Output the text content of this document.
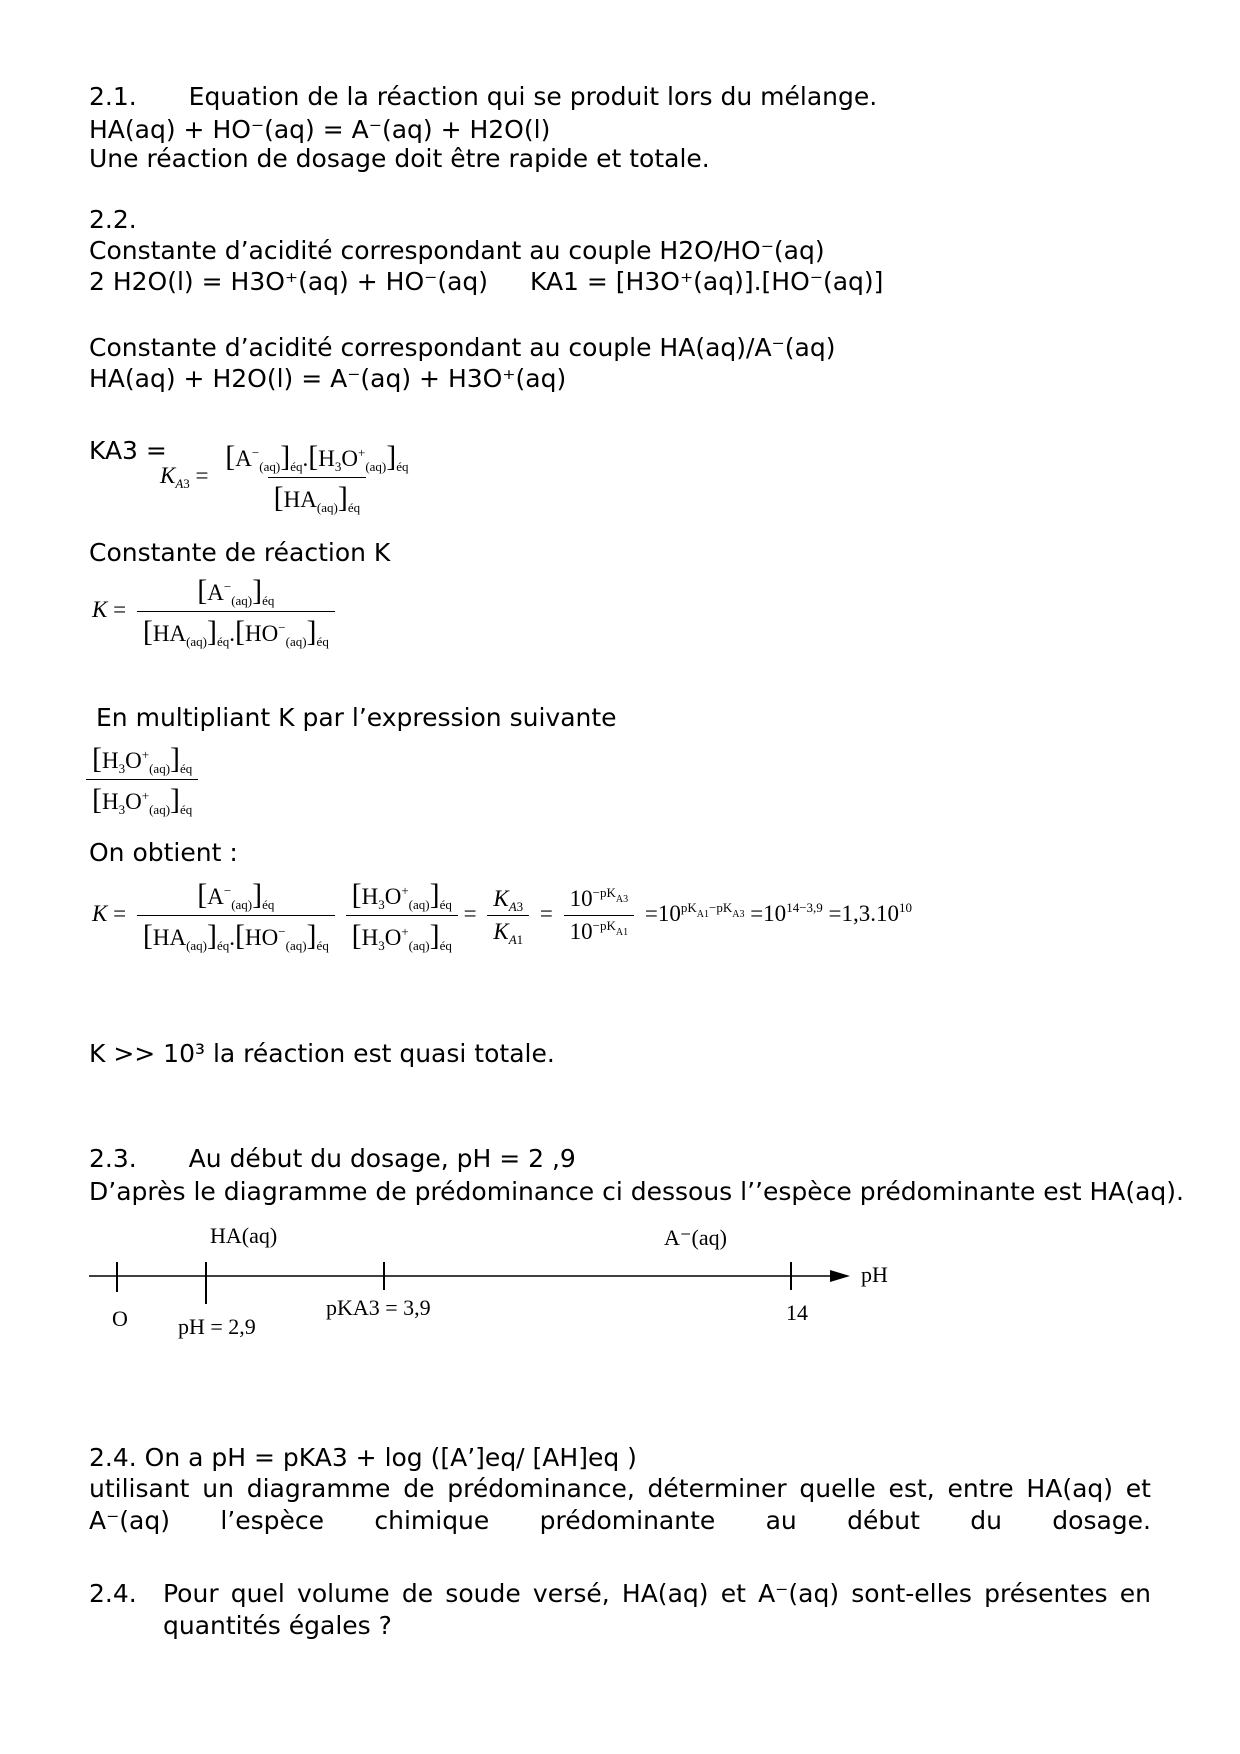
2.1. Equation de la réaction qui se produit lors du mélange.
HA(aq) + HO⁻(aq) = A⁻(aq) + H2O(l)
Une réaction de dosage doit être rapide et totale.
2.2.
Constante d’acidité correspondant au couple H2O/HO⁻(aq)
2 H2O(l) = H3O⁺(aq) + HO⁻(aq) KA1 = [H3O⁺(aq)].[HO⁻(aq)]
Constante d’acidité correspondant au couple HA(aq)/A⁻(aq)
HA(aq) + H2O(l) = A⁻(aq) + H3O⁺(aq)
KA3 =
$K_{A3} = \frac{[A^-_{(aq)}]_{éq}.[H_3O^+_{(aq)}]_{éq}}{[HA_{(aq)}]_{éq}}$
Constante de réaction K
$K = \frac{[A^-_{(aq)}]_{éq}}{[HA_{(aq)}]_{éq}.[HO^-_{(aq)}]_{éq}}$
En multipliant K par l’expression suivante
$\frac{[H_3O^+_{(aq)}]_{éq}}{[H_3O^+_{(aq)}]_{éq}}$
On obtient :
$K = \frac{[A^-_{(aq)}]_{éq}}{[HA_{(aq)}]_{éq}.[HO^-_{(aq)}]_{éq}}$
$\frac{[H_3O^+_{(aq)}]_{éq}}{[H_3O^+_{(aq)}]_{éq}} = \frac{K_{A3}}{K_{A1}} = \frac{10^{-pK_{A3}}}{10^{-pK_{A1}}} =10^{pK_{A1}-pK_{A3}} =10^{14-3,9} =1,3.10^{10}$
K >> 10³ la réaction est quasi totale.
2.3. Au début du dosage, pH = 2 ,9
D’après le diagramme de prédominance ci dessous l’’espèce prédominante est HA(aq).
HA(aq)	A⁻(aq)
pH
O pH = 2,9
pKA3 = 3,9	14
2.4. On a pH = pKA3 + log ([A’]eq/ [AH]eq )
utilisant un diagramme de prédominance, déterminer quelle est, entre HA(aq) et A⁻(aq) l’espèce chimique prédominante au début du dosage.
2.4. Pour quel volume de soude versé, HA(aq) et A⁻(aq) sont-elles présentes en quantités égales ?
